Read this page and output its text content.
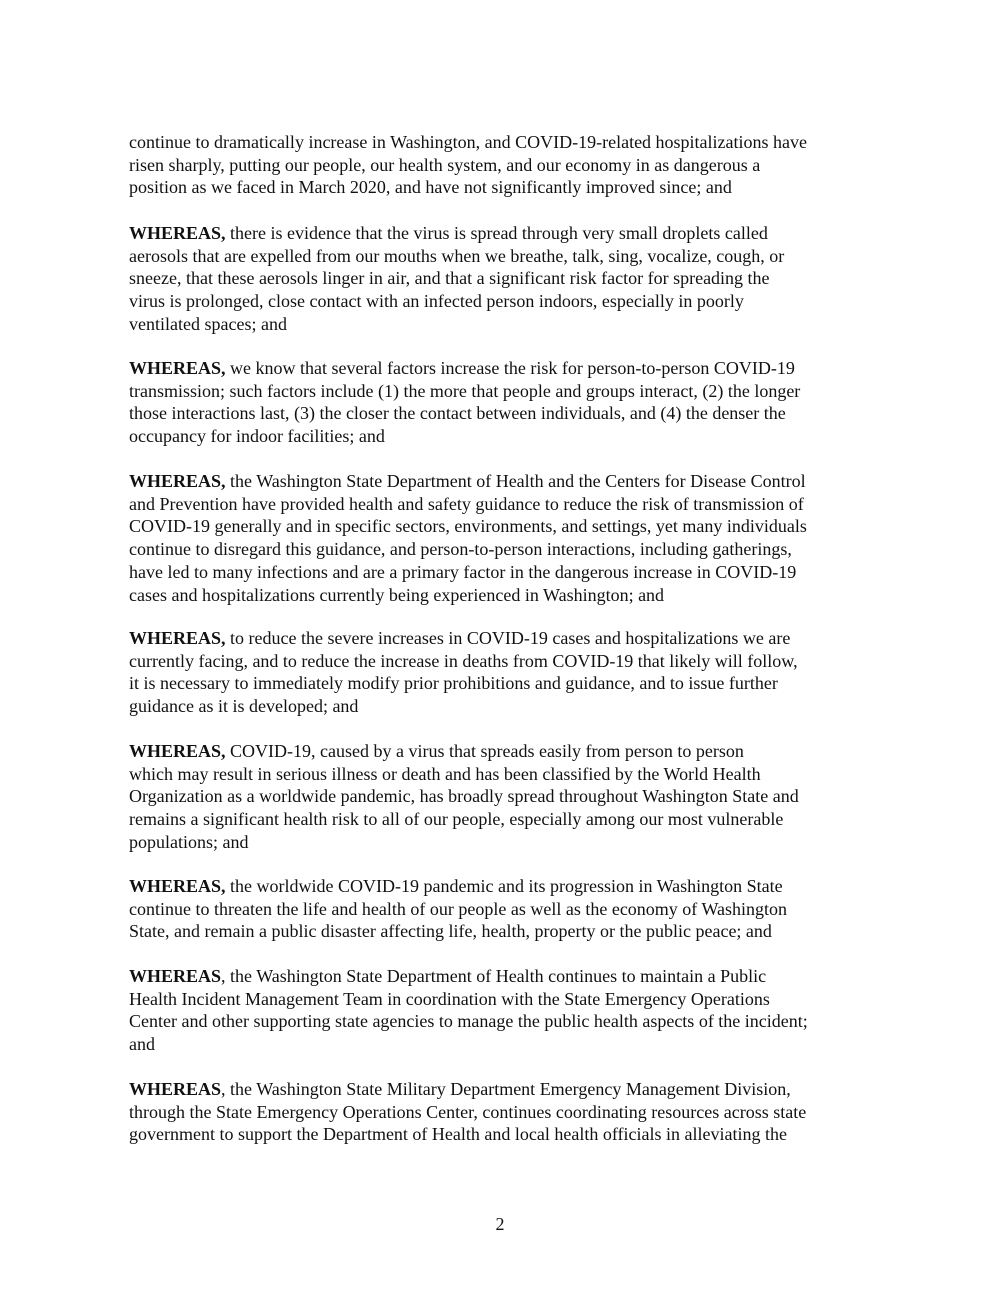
continue to dramatically increase in Washington, and COVID-19-related hospitalizations have
risen sharply, putting our people, our health system, and our economy in as dangerous a
position as we faced in March 2020, and have not significantly improved since; and

WHEREAS, there is evidence that the virus is spread through very small droplets called
aerosols that are expelled from our mouths when we breathe, talk, sing, vocalize, cough, or
sneeze, that these aerosols linger in air, and that a significant risk factor for spreading the
virus is prolonged, close contact with an infected person indoors, especially in poorly
ventilated spaces; and

WHEREAS, we know that several factors increase the risk for person-to-person COVID-19
transmission; such factors include (1) the more that people and groups interact, (2) the longer
those interactions last, (3) the closer the contact between individuals, and (4) the denser the
occupancy for indoor facilities; and

WHEREAS, the Washington State Department of Health and the Centers for Disease Control
and Prevention have provided health and safety guidance to reduce the risk of transmission of
COVID-19 generally and in specific sectors, environments, and settings, yet many individuals
continue to disregard this guidance, and person-to-person interactions, including gatherings,
have led to many infections and are a primary factor in the dangerous increase in COVID-19
cases and hospitalizations currently being experienced in Washington; and

WHEREAS, to reduce the severe increases in COVID-19 cases and hospitalizations we are
currently facing, and to reduce the increase in deaths from COVID-19 that likely will follow,
it is necessary to immediately modify prior prohibitions and guidance, and to issue further
guidance as it is developed; and

WHEREAS, COVID-19, caused by a virus that spreads easily from person to person
which may result in serious illness or death and has been classified by the World Health
Organization as a worldwide pandemic, has broadly spread throughout Washington State and
remains a significant health risk to all of our people, especially among our most vulnerable
populations; and

WHEREAS, the worldwide COVID-19 pandemic and its progression in Washington State
continue to threaten the life and health of our people as well as the economy of Washington
State, and remain a public disaster affecting life, health, property or the public peace; and

WHEREAS, the Washington State Department of Health continues to maintain a Public
Health Incident Management Team in coordination with the State Emergency Operations
Center and other supporting state agencies to manage the public health aspects of the incident;
and

WHEREAS, the Washington State Military Department Emergency Management Division,
through the State Emergency Operations Center, continues coordinating resources across state
government to support the Department of Health and local health officials in alleviating the

2
